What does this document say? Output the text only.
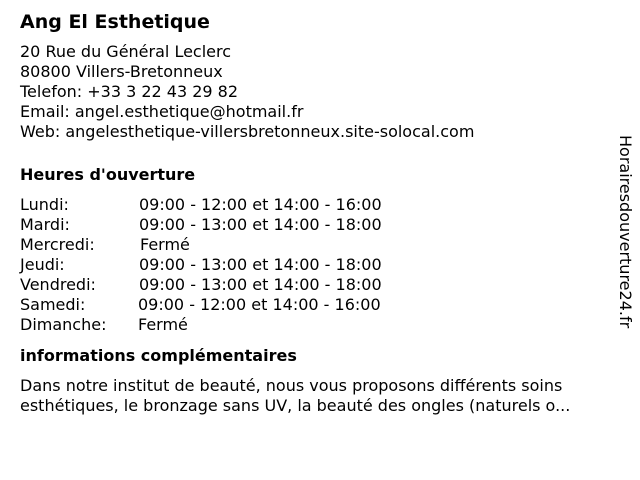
Ang El Esthetique
20 Rue du Général Leclerc
80800 Villers-Bretonneux
Telefon: +33 3 22 43 29 82
Email: angel.esthetique@hotmail.fr
Web: angelesthetique-villersbretonneux.site-solocal.com
Heures d'ouverture
Lundi:	09:00 - 12:00 et 14:00 - 16:00
Mardi:	09:00 - 13:00 et 14:00 - 18:00
Mercredi:	Fermé
Jeudi:	09:00 - 13:00 et 14:00 - 18:00
Vendredi:	09:00 - 13:00 et 14:00 - 18:00
Samedi:	09:00 - 12:00 et 14:00 - 16:00
Dimanche: Fermé
informations complémentaires
Dans notre institut de beauté, nous vous proposons différents soins
esthétiques, le bronzage sans UV, la beauté des ongles (naturels o...
Horairesdouverture24.fr
